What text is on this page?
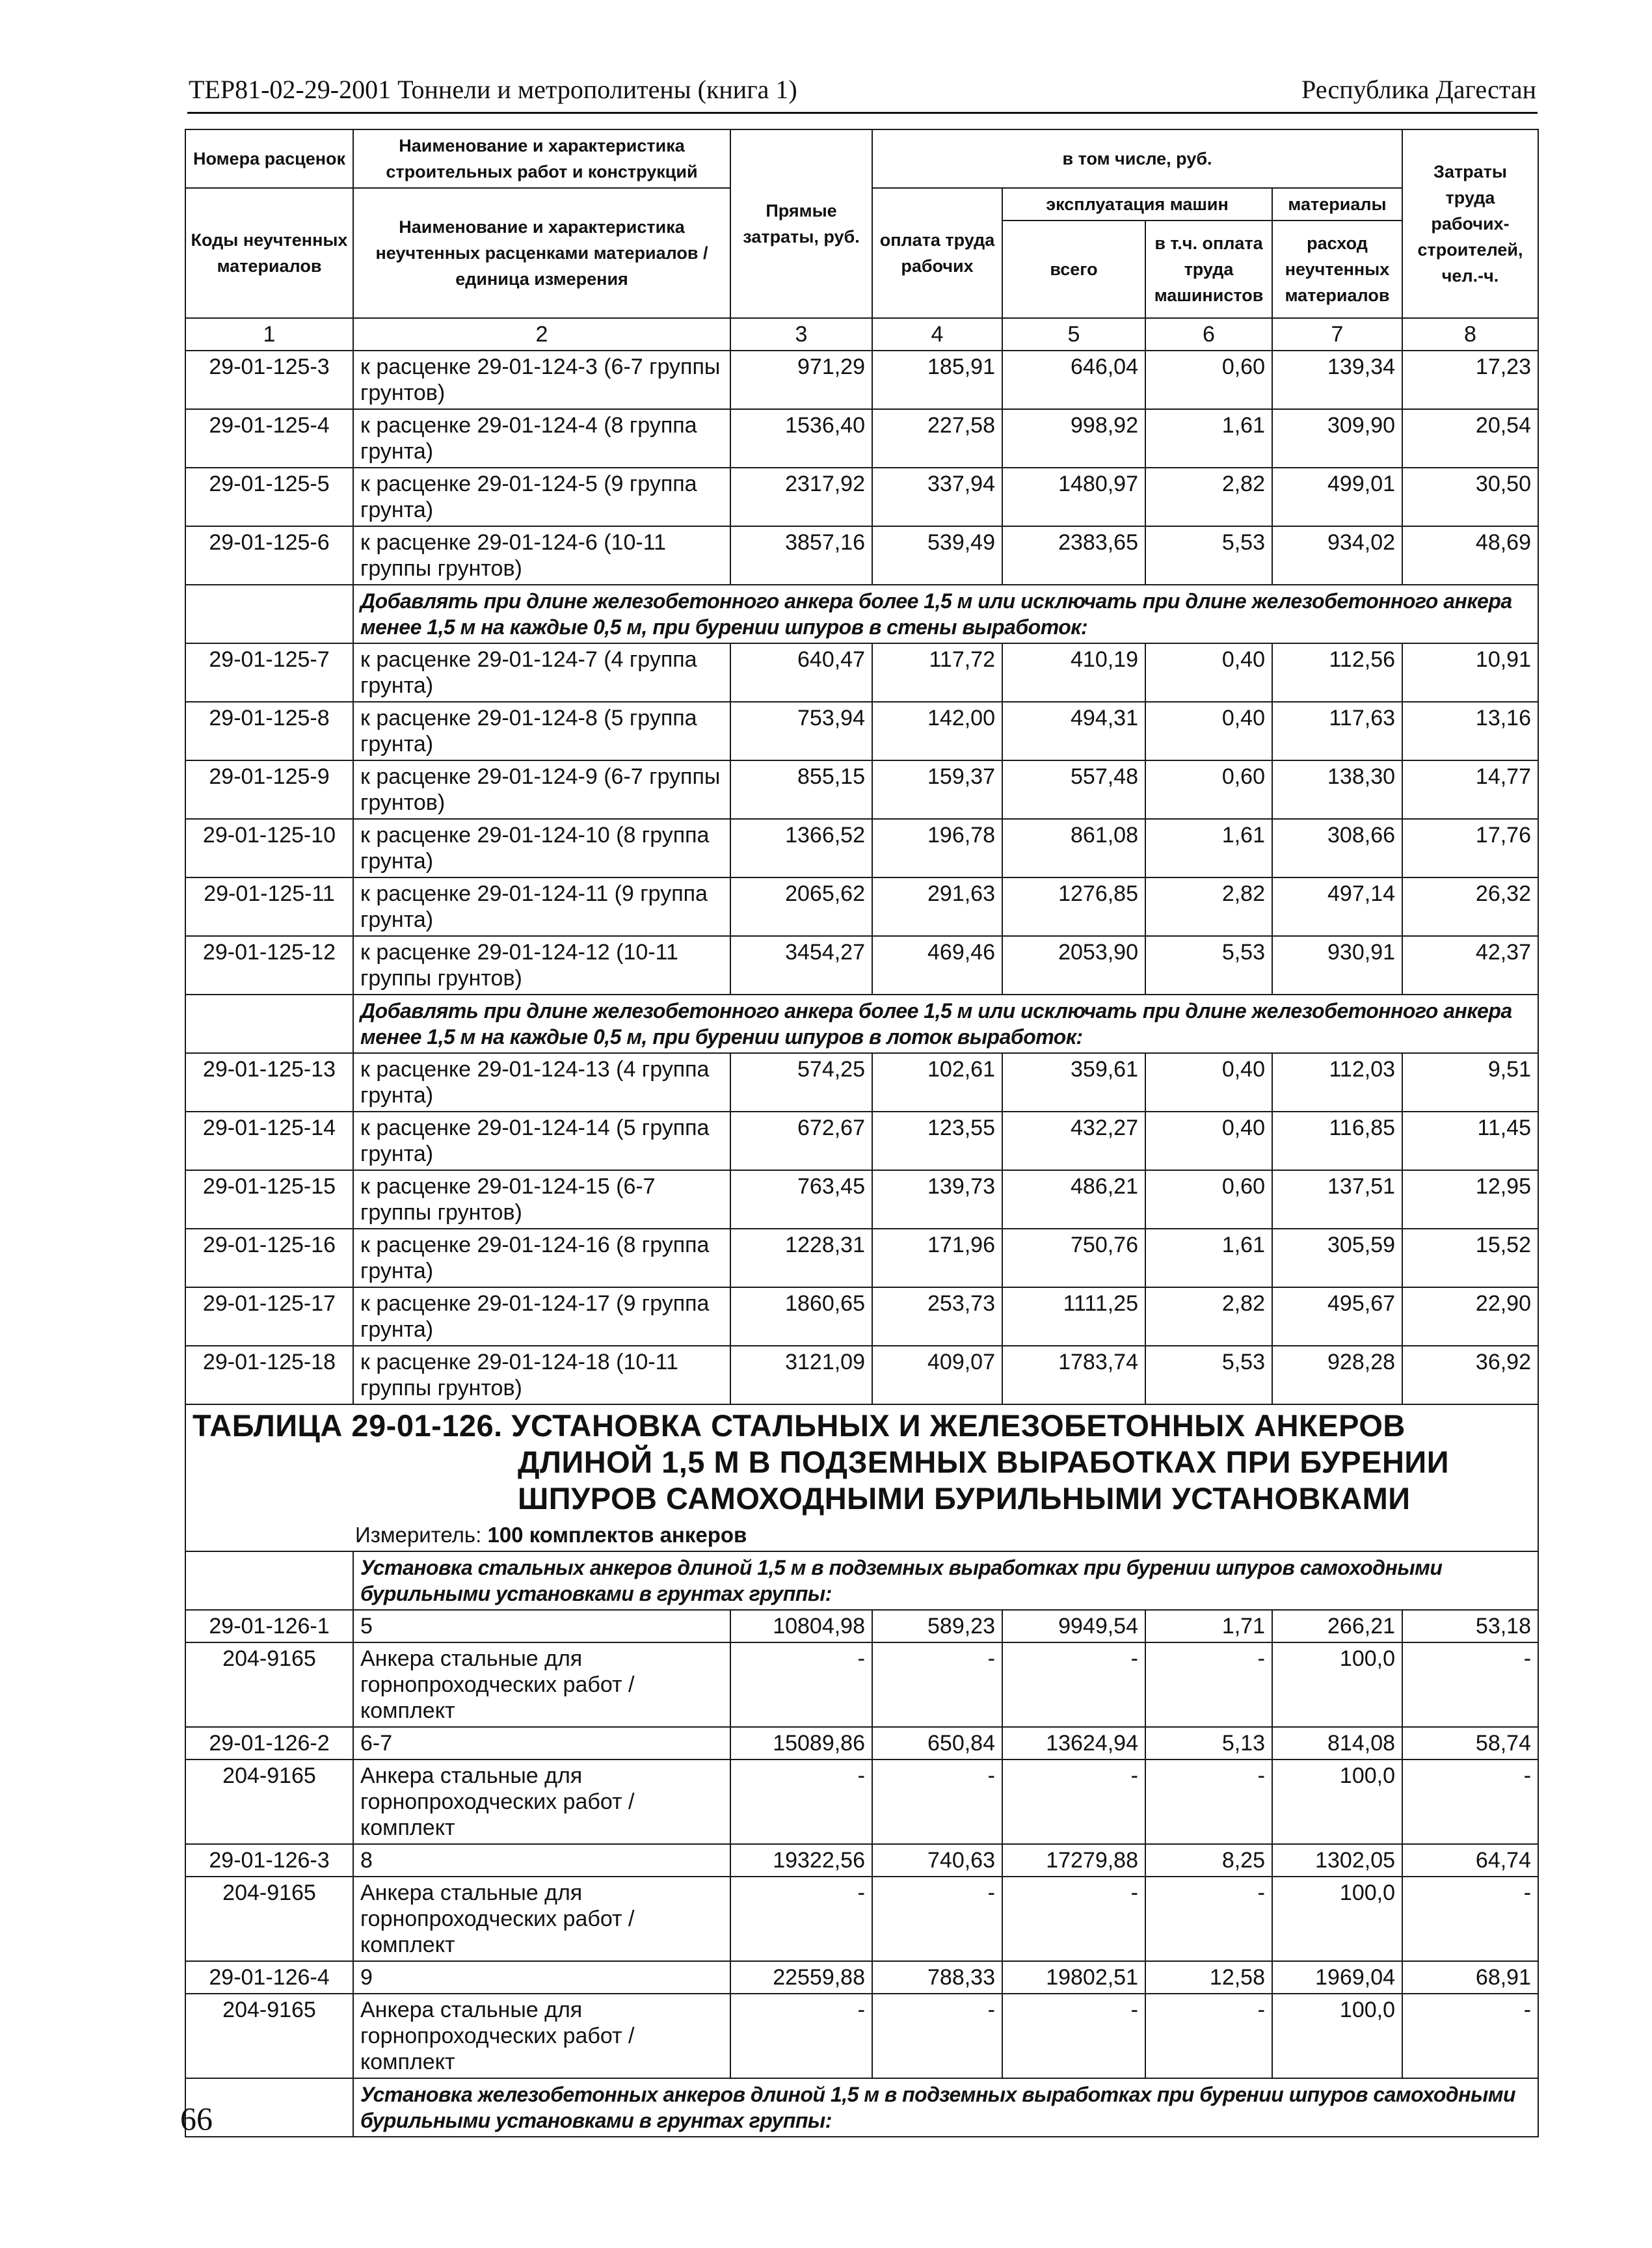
ТЕР81-02-29-2001 Тоннели и метрополитены (книга 1)	Республика Дагестан
Номера расценок	Наименование и характеристика строительных работ и конструкций	Прямые затраты, руб.	в том числе, руб.				Затраты труда рабочих-строителей, чел.-ч.
Коды неучтенных материалов	Наименование и характеристика неучтенных расценками материалов / единица измерения		оплата труда рабочих	эксплуатация машин		материалы	
				всего	в т.ч. оплата труда машинистов	расход неучтенных материалов	
1	2	3	4	5	6	7	8
29-01-125-3	к расценке 29-01-124-3 (6-7 группы грунтов)	971,29	185,91	646,04	0,60	139,34	17,23
29-01-125-4	к расценке 29-01-124-4 (8 группа грунта)	1536,40	227,58	998,92	1,61	309,90	20,54
29-01-125-5	к расценке 29-01-124-5 (9 группа грунта)	2317,92	337,94	1480,97	2,82	499,01	30,50
29-01-125-6	к расценке 29-01-124-6 (10-11 группы грунтов)	3857,16	539,49	2383,65	5,53	934,02	48,69
	Добавлять при длине железобетонного анкера более 1,5 м или исключать при длине железобетонного анкера менее 1,5 м на каждые 0,5 м, при бурении шпуров в стены выработок:						
29-01-125-7	к расценке 29-01-124-7 (4 группа грунта)	640,47	117,72	410,19	0,40	112,56	10,91
29-01-125-8	к расценке 29-01-124-8 (5 группа грунта)	753,94	142,00	494,31	0,40	117,63	13,16
29-01-125-9	к расценке 29-01-124-9 (6-7 группы грунтов)	855,15	159,37	557,48	0,60	138,30	14,77
29-01-125-10	к расценке 29-01-124-10 (8 группа грунта)	1366,52	196,78	861,08	1,61	308,66	17,76
29-01-125-11	к расценке 29-01-124-11 (9 группа грунта)	2065,62	291,63	1276,85	2,82	497,14	26,32
29-01-125-12	к расценке 29-01-124-12 (10-11 группы грунтов)	3454,27	469,46	2053,90	5,53	930,91	42,37
	Добавлять при длине железобетонного анкера более 1,5 м или исключать при длине железобетонного анкера менее 1,5 м на каждые 0,5 м, при бурении шпуров в лоток выработок:						
29-01-125-13	к расценке 29-01-124-13 (4 группа грунта)	574,25	102,61	359,61	0,40	112,03	9,51
29-01-125-14	к расценке 29-01-124-14 (5 группа грунта)	672,67	123,55	432,27	0,40	116,85	11,45
29-01-125-15	к расценке 29-01-124-15 (6-7 группы грунтов)	763,45	139,73	486,21	0,60	137,51	12,95
29-01-125-16	к расценке 29-01-124-16 (8 группа грунта)	1228,31	171,96	750,76	1,61	305,59	15,52
29-01-125-17	к расценке 29-01-124-17 (9 группа грунта)	1860,65	253,73	1111,25	2,82	495,67	22,90
29-01-125-18	к расценке 29-01-124-18 (10-11 группы грунтов)	3121,09	409,07	1783,74	5,53	928,28	36,92

ТАБЛИЦА 29-01-126. УСТАНОВКА СТАЛЬНЫХ И ЖЕЛЕЗОБЕТОННЫХ АНКЕРОВ
ДЛИНОЙ 1,5 М В ПОДЗЕМНЫХ ВЫРАБОТКАХ ПРИ БУРЕНИИ
ШПУРОВ САМОХОДНЫМИ БУРИЛЬНЫМИ УСТАНОВКАМИ
Измеритель: 100 комплектов анкеров							

	Установка стальных анкеров длиной 1,5 м в подземных выработках при бурении шпуров самоходными бурильными установками в грунтах группы:						
29-01-126-1	5	10804,98	589,23	9949,54	1,71	266,21	53,18
204-9165	Анкера стальные для горнопроходческих работ / комплект	-	-	-	-	100,0	-
29-01-126-2	6-7	15089,86	650,84	13624,94	5,13	814,08	58,74
204-9165	Анкера стальные для горнопроходческих работ / комплект	-	-	-	-	100,0	-
29-01-126-3	8	19322,56	740,63	17279,88	8,25	1302,05	64,74
204-9165	Анкера стальные для горнопроходческих работ / комплект	-	-	-	-	100,0	-
29-01-126-4	9	22559,88	788,33	19802,51	12,58	1969,04	68,91
204-9165	Анкера стальные для горнопроходческих работ / комплект	-	-	-	-	100,0	-
	Установка железобетонных анкеров длиной 1,5 м в подземных выработках при бурении шпуров самоходными бурильными установками в грунтах группы:						
66
